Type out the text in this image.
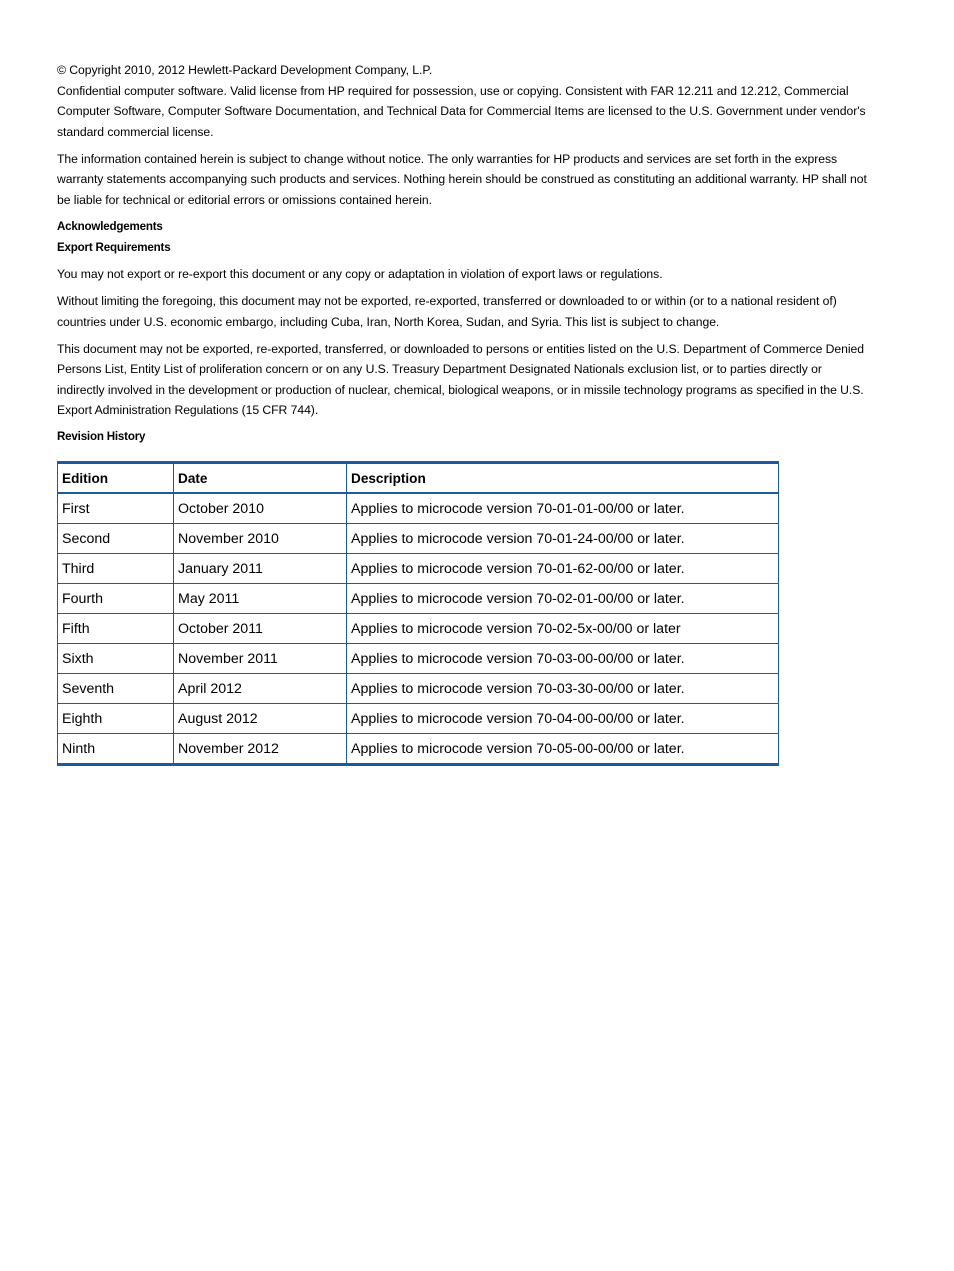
© Copyright 2010, 2012 Hewlett-Packard Development Company, L.P.

Confidential computer software. Valid license from HP required for possession, use or copying. Consistent with FAR 12.211 and 12.212, Commercial Computer Software, Computer Software Documentation, and Technical Data for Commercial Items are licensed to the U.S. Government under vendor's standard commercial license.

The information contained herein is subject to change without notice. The only warranties for HP products and services are set forth in the express warranty statements accompanying such products and services. Nothing herein should be construed as constituting an additional warranty. HP shall not be liable for technical or editorial errors or omissions contained herein.

Acknowledgements
Export Requirements

You may not export or re-export this document or any copy or adaptation in violation of export laws or regulations.

Without limiting the foregoing, this document may not be exported, re-exported, transferred or downloaded to or within (or to a national resident of) countries under U.S. economic embargo, including Cuba, Iran, North Korea, Sudan, and Syria. This list is subject to change.

This document may not be exported, re-exported, transferred, or downloaded to persons or entities listed on the U.S. Department of Commerce Denied Persons List, Entity List of proliferation concern or on any U.S. Treasury Department Designated Nationals exclusion list, or to parties directly or indirectly involved in the development or production of nuclear, chemical, biological weapons, or in missile technology programs as specified in the U.S. Export Administration Regulations (15 CFR 744).

Revision History
Edition	Date	Description
First	October 2010	Applies to microcode version 70-01-01-00/00 or later.
Second	November 2010	Applies to microcode version 70-01-24-00/00 or later.
Third	January 2011	Applies to microcode version 70-01-62-00/00 or later.
Fourth	May 2011	Applies to microcode version 70-02-01-00/00 or later.
Fifth	October 2011	Applies to microcode version 70-02-5x-00/00 or later
Sixth	November 2011	Applies to microcode version 70-03-00-00/00 or later.
Seventh	April 2012	Applies to microcode version 70-03-30-00/00 or later.
Eighth	August 2012	Applies to microcode version 70-04-00-00/00 or later.
Ninth	November 2012	Applies to microcode version 70-05-00-00/00 or later.
